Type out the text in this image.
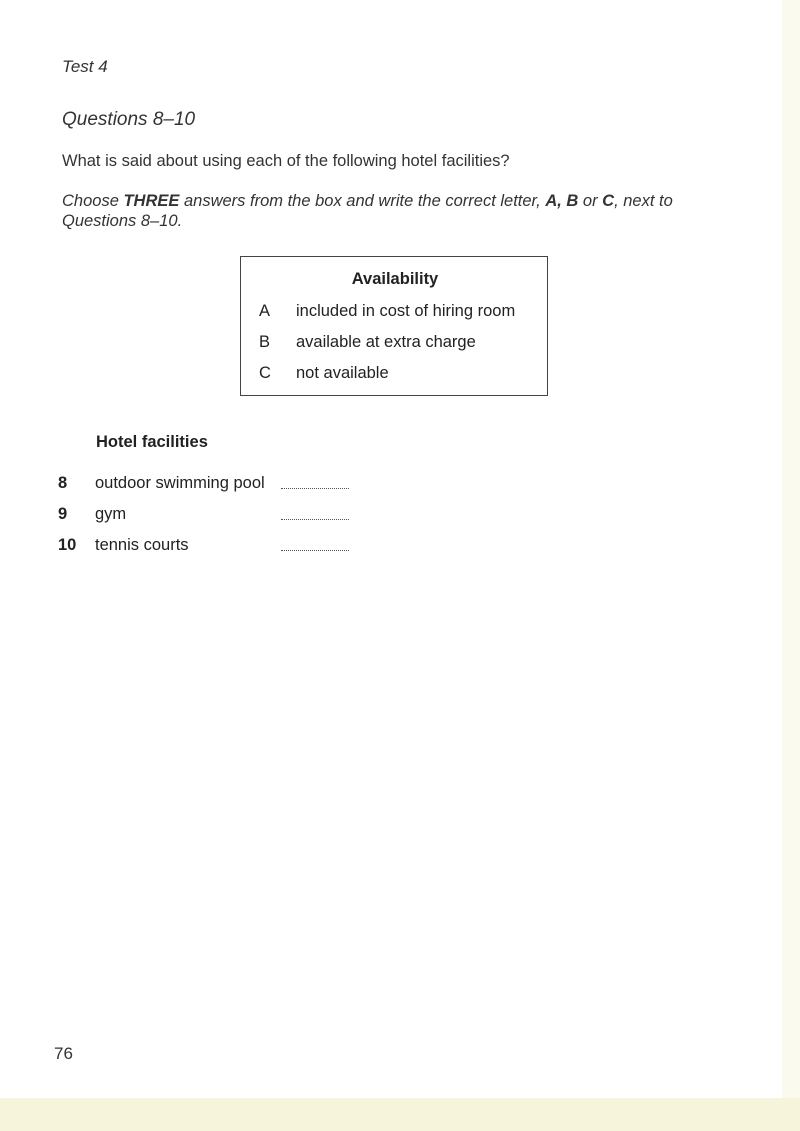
Test 4
Questions 8–10
What is said about using each of the following hotel facilities?
Choose THREE answers from the box and write the correct letter, A, B or C, next to Questions 8–10.
Availability
A included in cost of hiring room
B available at extra charge
C not available
Hotel facilities
8 outdoor swimming pool
9 gym
10 tennis courts
76
